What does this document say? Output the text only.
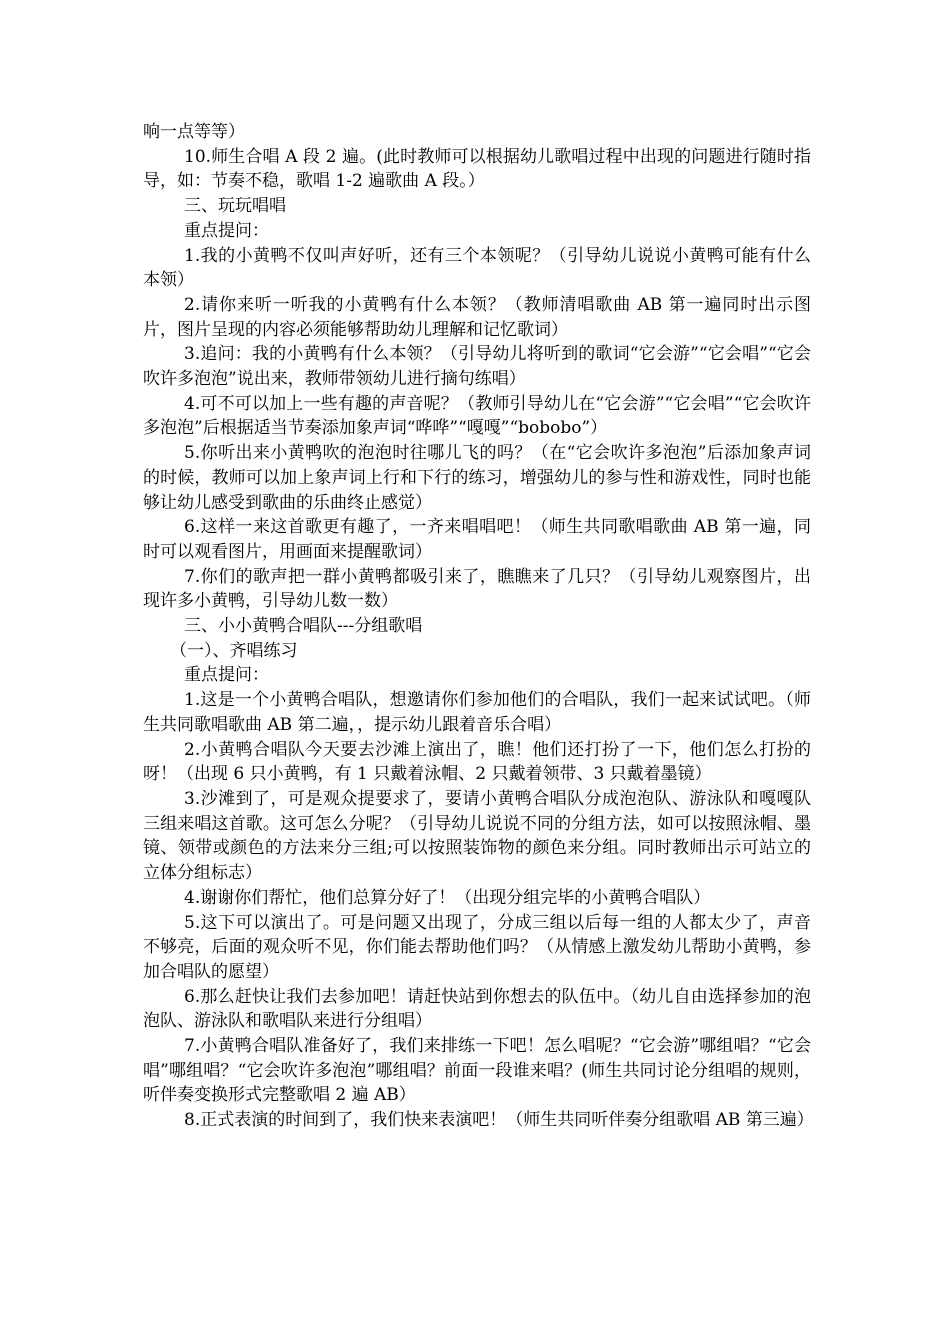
响一点等等）

10.师生合唱 A 段 2 遍。(此时教师可以根据幼儿歌唱过程中出现的问题进行随时指导，如：节奏不稳，歌唱 1-2 遍歌曲 A 段。）

三、玩玩唱唱

重点提问：

1.我的小黄鸭不仅叫声好听，还有三个本领呢？（引导幼儿说说小黄鸭可能有什么本领）

2.请你来听一听我的小黄鸭有什么本领？（教师清唱歌曲 AB 第一遍同时出示图片，图片呈现的内容必须能够帮助幼儿理解和记忆歌词）

3.追问：我的小黄鸭有什么本领？（引导幼儿将听到的歌词“它会游”“它会唱”“它会吹许多泡泡”说出来，教师带领幼儿进行摘句练唱）

4.可不可以加上一些有趣的声音呢？（教师引导幼儿在“它会游”“它会唱”“它会吹许多泡泡”后根据适当节奏添加象声词“哗哗”“嘎嘎”“bobobo”）

5.你听出来小黄鸭吹的泡泡时往哪儿飞的吗？（在“它会吹许多泡泡”后添加象声词的时候，教师可以加上象声词上行和下行的练习，增强幼儿的参与性和游戏性，同时也能够让幼儿感受到歌曲的乐曲终止感觉）

6.这样一来这首歌更有趣了，一齐来唱唱吧！（师生共同歌唱歌曲 AB 第一遍，同时可以观看图片，用画面来提醒歌词）

7.你们的歌声把一群小黄鸭都吸引来了，瞧瞧来了几只？（引导幼儿观察图片，出现许多小黄鸭，引导幼儿数一数）

三、小小黄鸭合唱队---分组歌唱

（一）、齐唱练习

重点提问：

1.这是一个小黄鸭合唱队，想邀请你们参加他们的合唱队，我们一起来试试吧。（师生共同歌唱歌曲 AB 第二遍，，提示幼儿跟着音乐合唱）

2.小黄鸭合唱队今天要去沙滩上演出了，瞧！他们还打扮了一下，他们怎么打扮的呀！（出现 6 只小黄鸭，有 1 只戴着泳帽、2 只戴着领带、3 只戴着墨镜）

3.沙滩到了，可是观众提要求了，要请小黄鸭合唱队分成泡泡队、游泳队和嘎嘎队三组来唱这首歌。这可怎么分呢？（引导幼儿说说不同的分组方法，如可以按照泳帽、墨镜、领带或颜色的方法来分三组;可以按照装饰物的颜色来分组。同时教师出示可站立的立体分组标志）

4.谢谢你们帮忙，他们总算分好了！（出现分组完毕的小黄鸭合唱队）

5.这下可以演出了。可是问题又出现了，分成三组以后每一组的人都太少了，声音不够亮，后面的观众听不见，你们能去帮助他们吗？（从情感上激发幼儿帮助小黄鸭，参加合唱队的愿望）

6.那么赶快让我们去参加吧！请赶快站到你想去的队伍中。（幼儿自由选择参加的泡泡队、游泳队和歌唱队来进行分组唱）

7.小黄鸭合唱队准备好了，我们来排练一下吧！怎么唱呢？“它会游”哪组唱？“它会唱”哪组唱？“它会吹许多泡泡”哪组唱？前面一段谁来唱？(师生共同讨论分组唱的规则，听伴奏变换形式完整歌唱 2 遍 AB）

8.正式表演的时间到了，我们快来表演吧！（师生共同听伴奏分组歌唱 AB 第三遍）
